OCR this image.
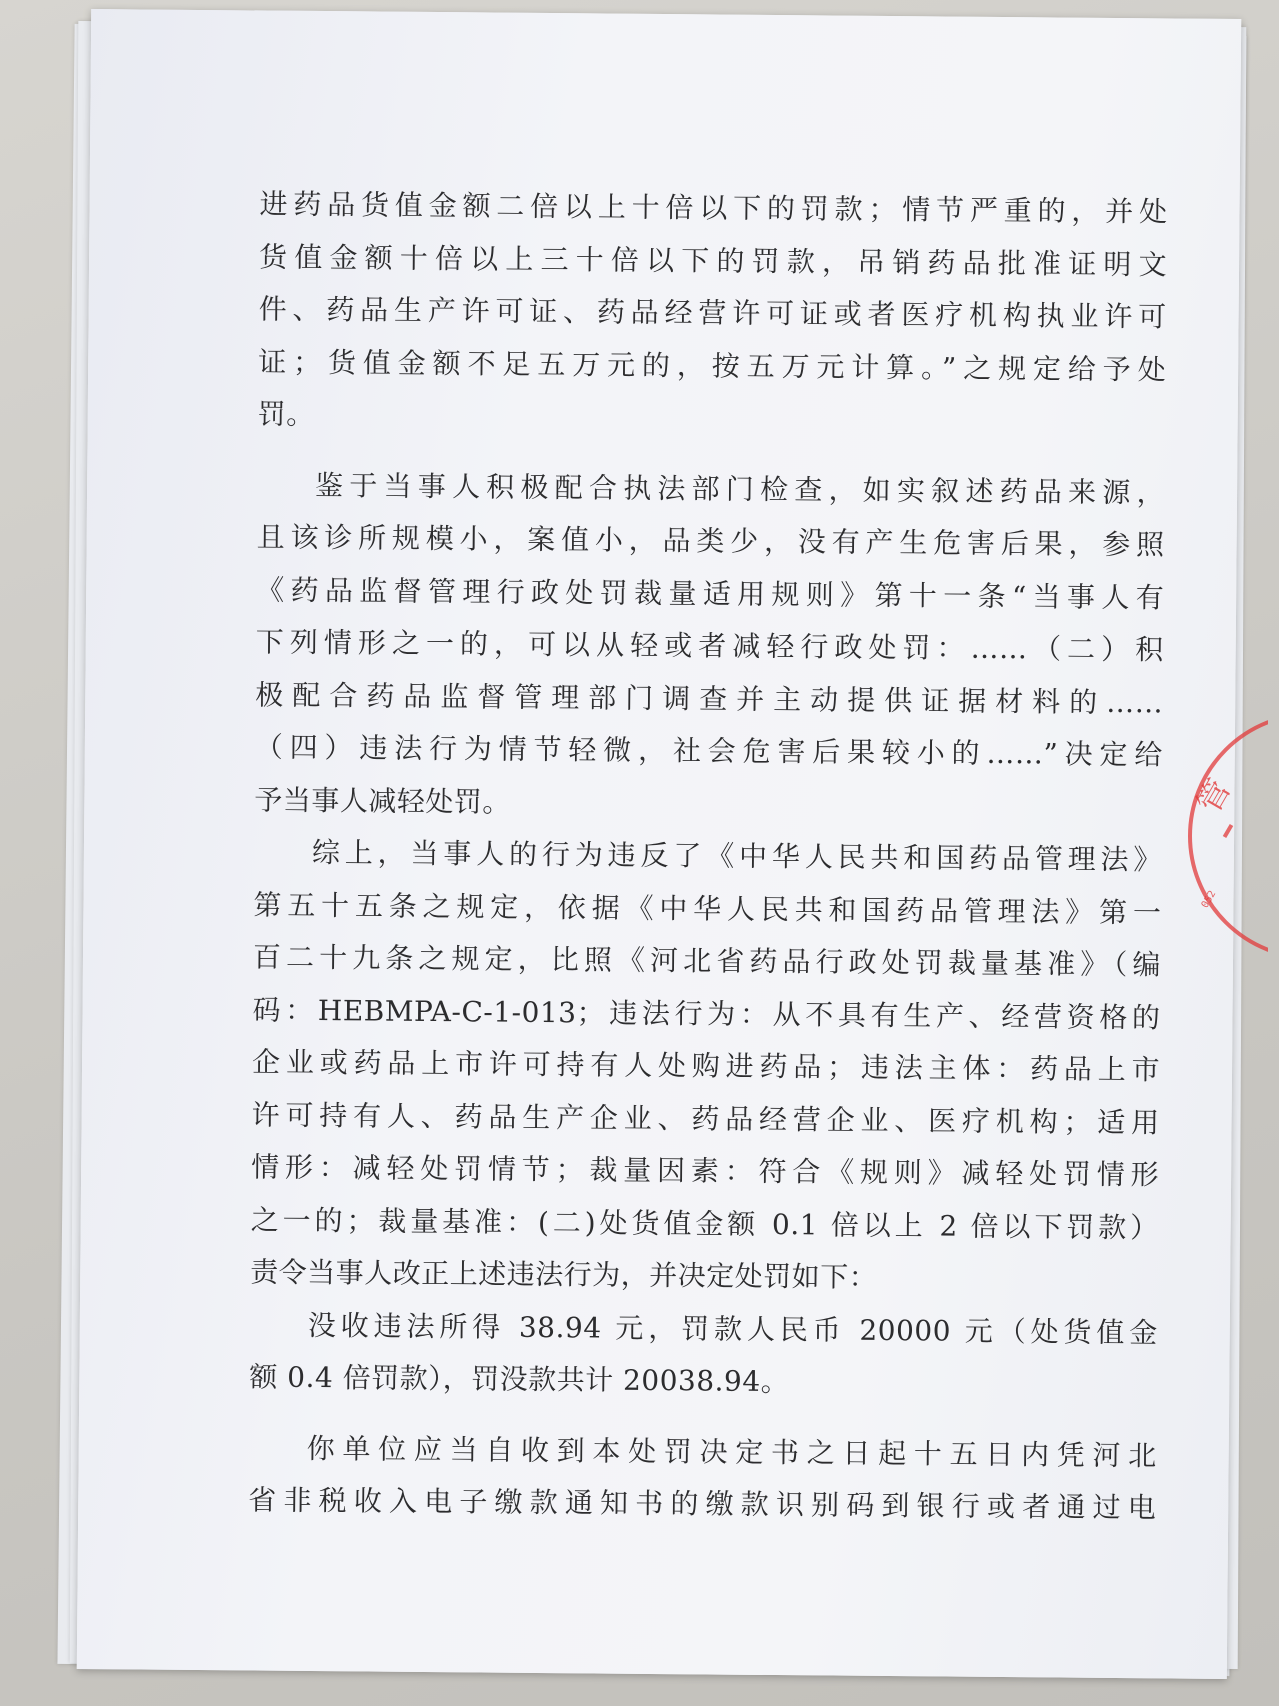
进药品货值金额二倍以上十倍以下的罚款；情节严重的，并处
货值金额十倍以上三十倍以下的罚款，吊销药品批准证明文
件、药品生产许可证、药品经营许可证或者医疗机构执业许可
证；货值金额不足五万元的，按五万元计算。”之规定给予处
罚。
鉴于当事人积极配合执法部门检查，如实叙述药品来源，
且该诊所规模小，案值小，品类少，没有产生危害后果，参照
《药品监督管理行政处罚裁量适用规则》第十一条“当事人有
下列情形之一的，可以从轻或者减轻行政处罚：……（二）积
极配合药品监督管理部门调查并主动提供证据材料的……
（四）违法行为情节轻微，社会危害后果较小的……”决定给
予当事人减轻处罚。
综上，当事人的行为违反了《中华人民共和国药品管理法》
第五十五条之规定，依据《中华人民共和国药品管理法》第一
百二十九条之规定，比照《河北省药品行政处罚裁量基准》（编
码：HEBMPA-C-1-013；违法行为：从不具有生产、经营资格的
企业或药品上市许可持有人处购进药品；违法主体：药品上市
许可持有人、药品生产企业、药品经营企业、医疗机构；适用
情形：减轻处罚情节；裁量因素：符合《规则》减轻处罚情形
之一的；裁量基准：(二)处货值金额 0.1 倍以上 2 倍以下罚款）
责令当事人改正上述违法行为，并决定处罚如下：
没收违法所得 38.94 元，罚款人民币 20000 元（处货值金
额 0.4 倍罚款），罚没款共计 20038.94。
你单位应当自收到本处罚决定书之日起十五日内凭河北
省非税收入电子缴款通知书的缴款识别码到银行或者通过电
管
052
